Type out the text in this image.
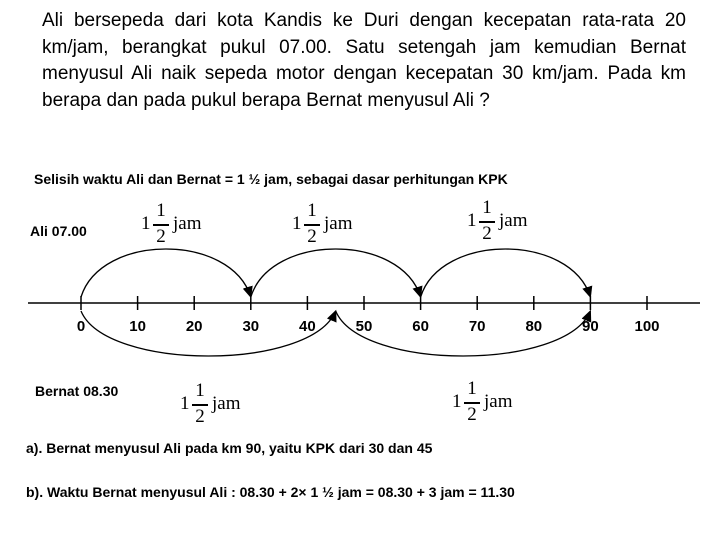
Ali bersepeda dari kota Kandis ke Duri dengan kecepatan rata-rata 20 km/jam, berangkat pukul 07.00. Satu setengah jam kemudian Bernat menyusul Ali naik sepeda motor dengan kecepatan 30 km/jam. Pada km berapa dan pada pukul berapa Bernat menyusul Ali ?
Selisih waktu Ali dan Bernat = 1 ½ jam, sebagai dasar perhitungan KPK
Ali 07.00
Bernat 08.30
1
1
2
jam	1
1
2
jam	1
1
2
jam
1
1
2
jam	1
1
2
jam
0	10	20	30	40	50	60	70	80	90 100
a). Bernat menyusul Ali pada km 90, yaitu KPK dari 30 dan 45
b). Waktu Bernat menyusul Ali : 08.30 + 2× 1 ½ jam = 08.30 + 3 jam = 11.30
